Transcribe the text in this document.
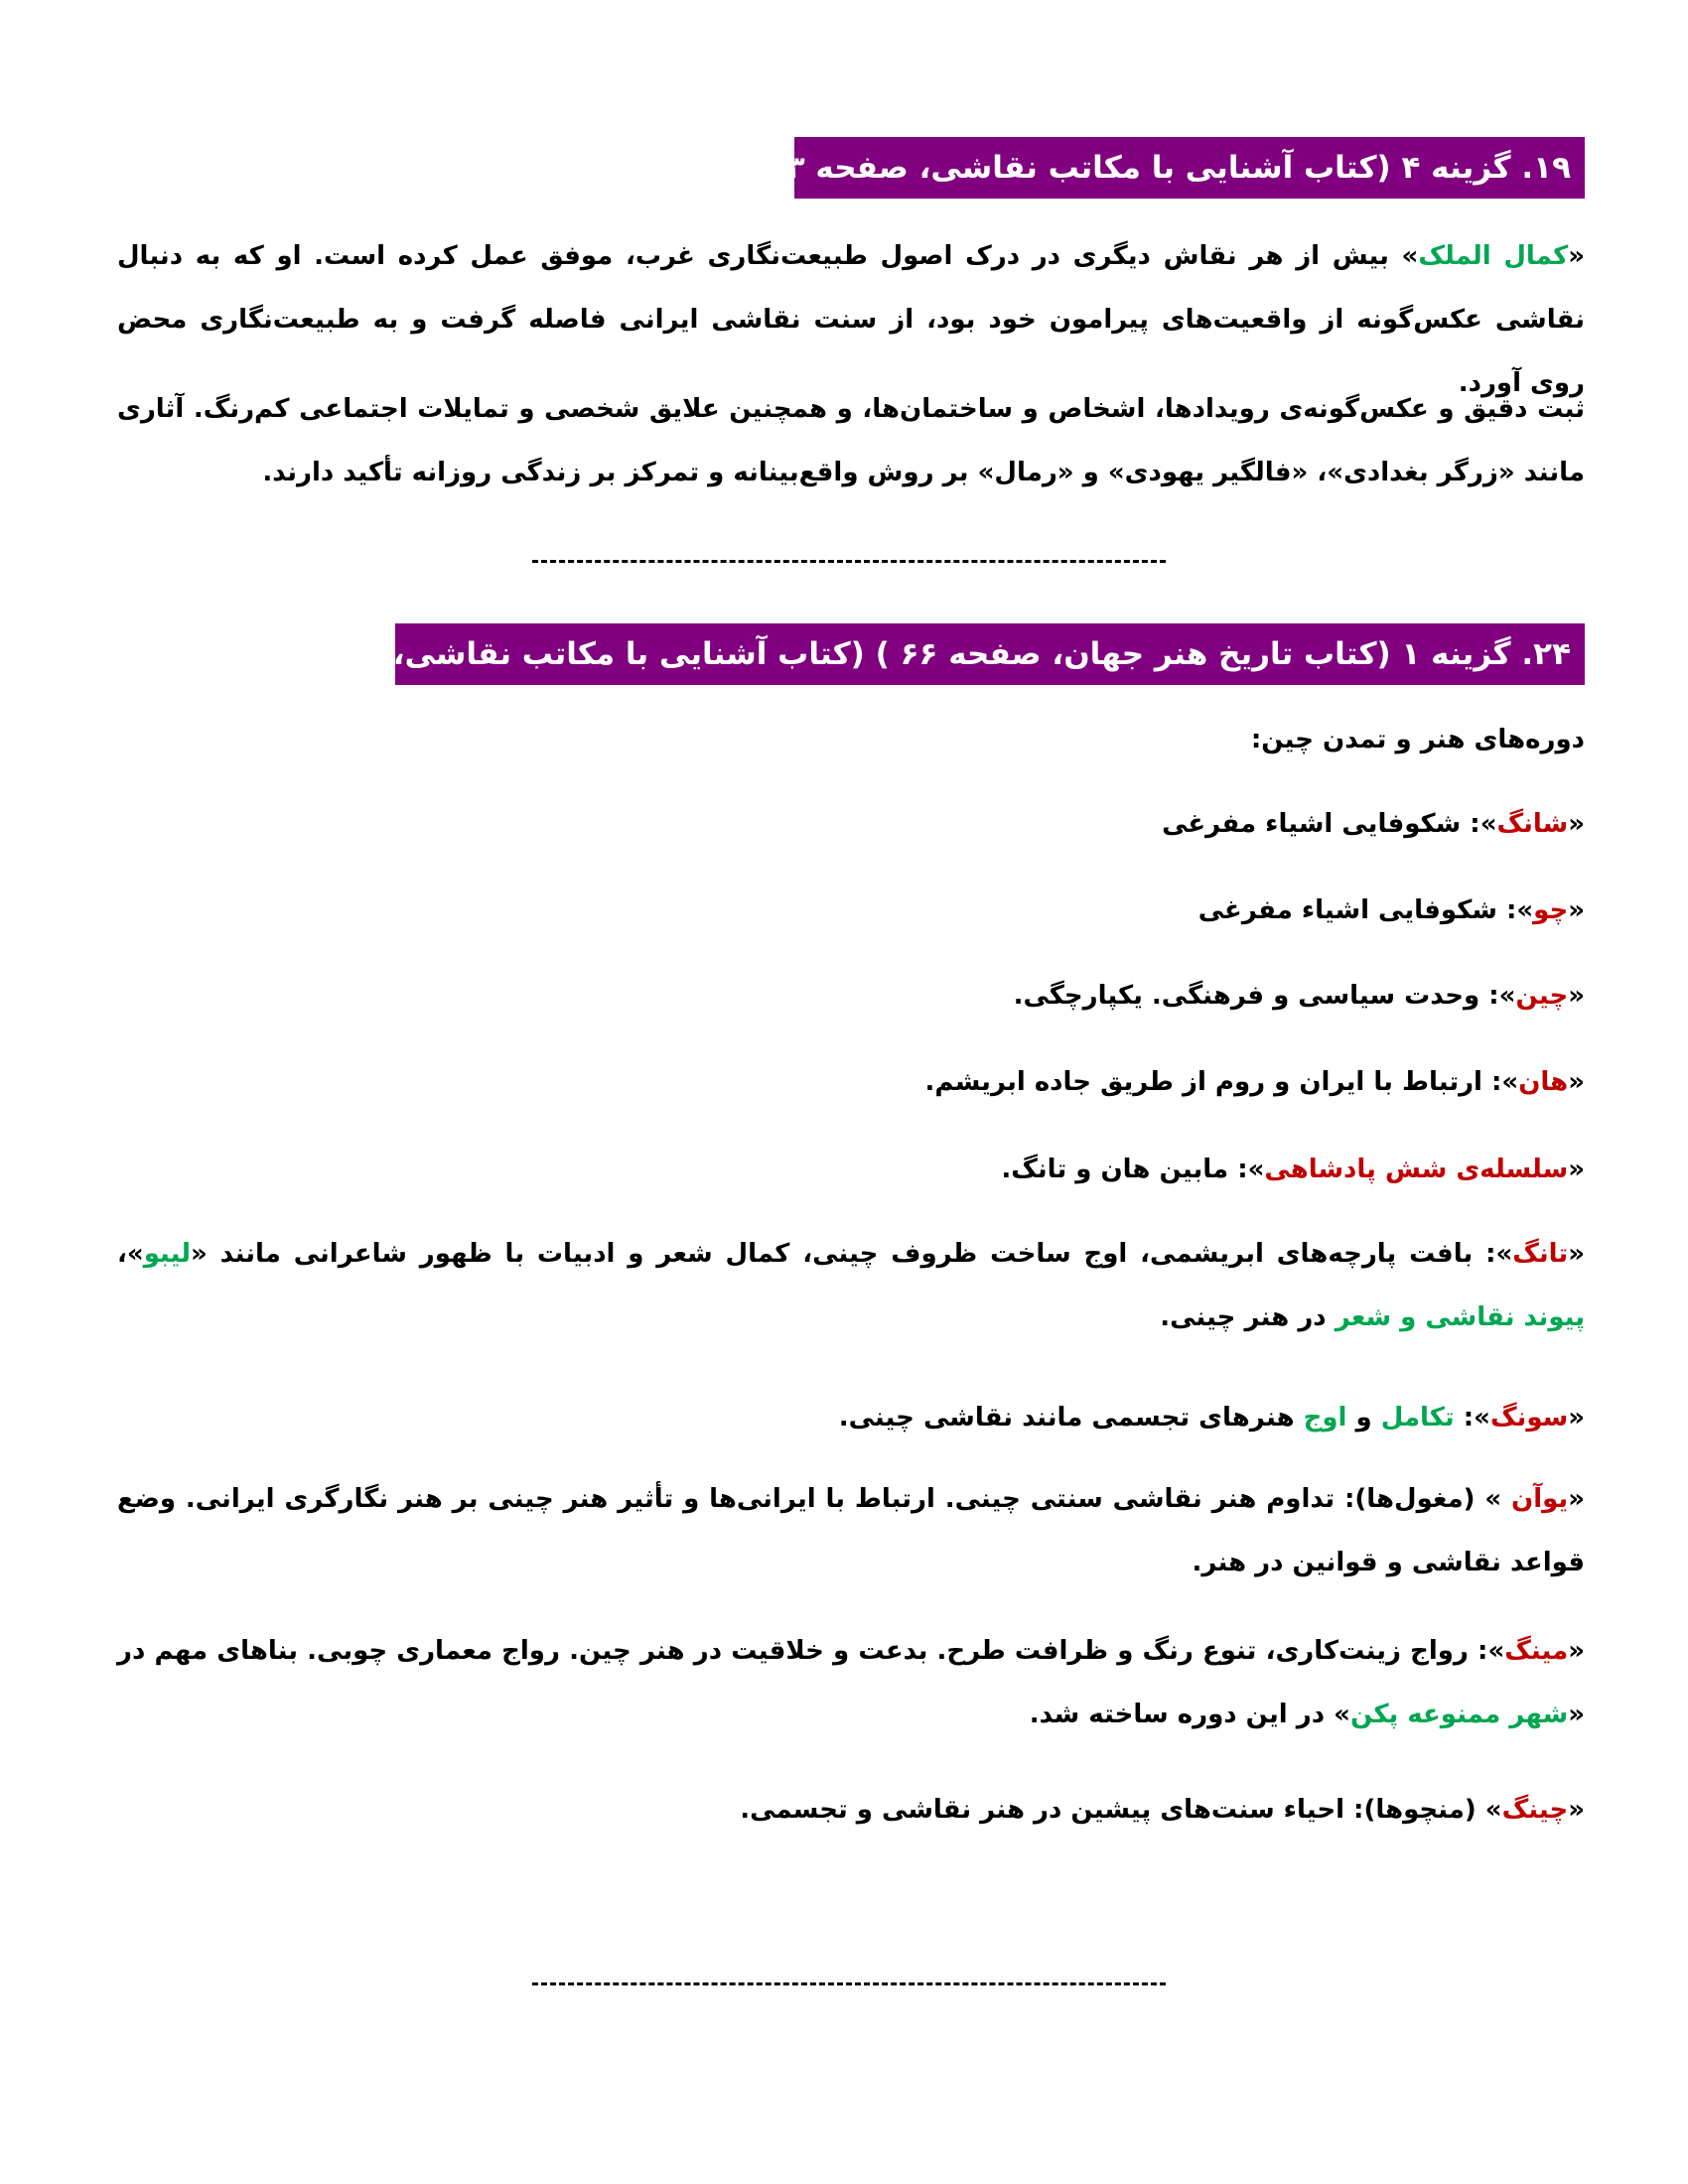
۱۹. گزینه ۴ (کتاب آشنایی با مکاتب نقاشی، صفحه ۵۳ و ۵۶)
«کمال الملک» بیش از هر نقاش دیگری در درک اصول طبیعت‌نگاری غرب، موفق عمل کرده است. او که به دنبال نقاشی عکس‌گونه از واقعیت‌های پیرامون خود بود، از سنت نقاشی ایرانی فاصله گرفت و به طبیعت‌نگاری محض روی آورد.
ثبت دقیق و عکس‌گونه‌ی رویدادها، اشخاص و ساختمان‌ها، و همچنین علایق شخصی و تمایلات اجتماعی کم‌رنگ. آثاری مانند «زرگر بغدادی»، «فالگیر یهودی» و «رمال» بر روش واقع‌بینانه و تمرکز بر زندگی روزانه تأکید دارند.
۲۴. گزینه ۱ (کتاب تاریخ هنر جهان، صفحه ۶۶ ) (کتاب آشنایی با مکاتب نقاشی، صفحه ۷۸)
دوره‌های هنر و تمدن چین:
«شانگ»: شکوفایی اشیاء مفرغی
«چو»: شکوفایی اشیاء مفرغی
«چین»: وحدت سیاسی و فرهنگی. یکپارچگی.
«هان»: ارتباط با ایران و روم از طریق جاده ابریشم.
«سلسله‌ی شش پادشاهی»: مابین هان و تانگ.
«تانگ»: بافت پارچه‌های ابریشمی، اوج ساخت ظروف چینی، کمال شعر و ادبیات با ظهور شاعرانی مانند «لیبو»، پیوند نقاشی و شعر در هنر چینی.
«سونگ»: تکامل و اوج هنرهای تجسمی مانند نقاشی چینی.
«یوآن » (مغول‌ها): تداوم هنر نقاشی سنتی چینی. ارتباط با ایرانی‌ها و تأثیر هنر چینی بر هنر نگارگری ایرانی. وضع قواعد نقاشی و قوانین در هنر.
«مینگ»: رواج زینت‌کاری، تنوع رنگ و ظرافت طرح. بدعت و خلاقیت در هنر چین. رواج معماری چوبی. بناهای مهم در «شهر ممنوعه پکن» در این دوره ساخته شد.
«چینگ» (منچوها): احیاء سنت‌های پیشین در هنر نقاشی و تجسمی.
